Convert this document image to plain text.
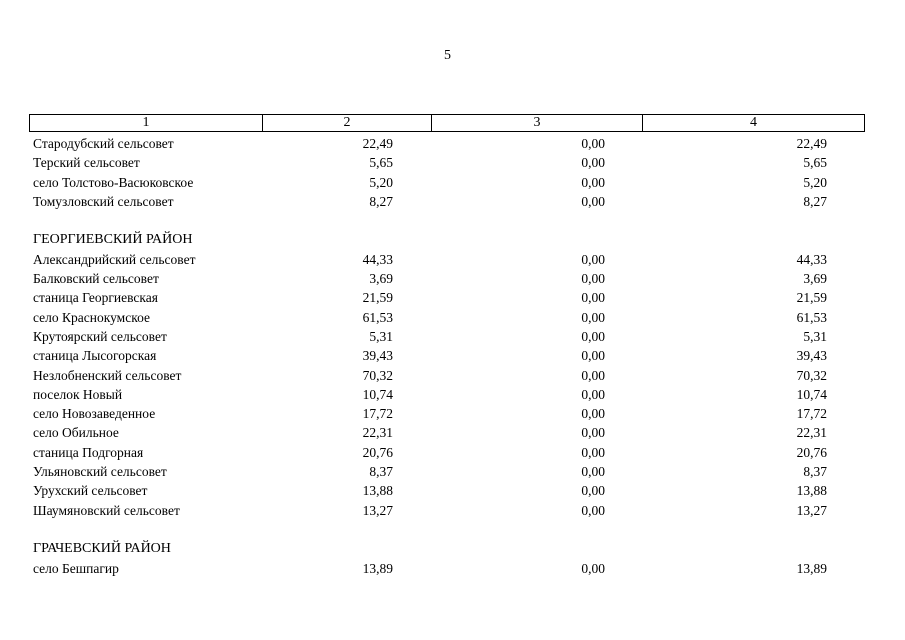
5
1	2	3	4
Стародубский сельсовет	22,49	0,00	22,49
Терский сельсовет	5,65	0,00	5,65
село Толстово-Васюковское	5,20	0,00	5,20
Томузловский сельсовет	8,27	0,00	8,27
ГЕОРГИЕВСКИЙ РАЙОН
Александрийский сельсовет	44,33	0,00	44,33
Балковский сельсовет	3,69	0,00	3,69
станица Георгиевская	21,59	0,00	21,59
село Краснокумское	61,53	0,00	61,53
Крутоярский сельсовет	5,31	0,00	5,31
станица Лысогорская	39,43	0,00	39,43
Незлобненский сельсовет	70,32	0,00	70,32
поселок Новый	10,74	0,00	10,74
село Новозаведенное	17,72	0,00	17,72
село Обильное	22,31	0,00	22,31
станица Подгорная	20,76	0,00	20,76
Ульяновский сельсовет	8,37	0,00	8,37
Урухский сельсовет	13,88	0,00	13,88
Шаумяновский сельсовет	13,27	0,00	13,27
ГРАЧЕВСКИЙ РАЙОН
село Бешпагир	13,89	0,00	13,89
